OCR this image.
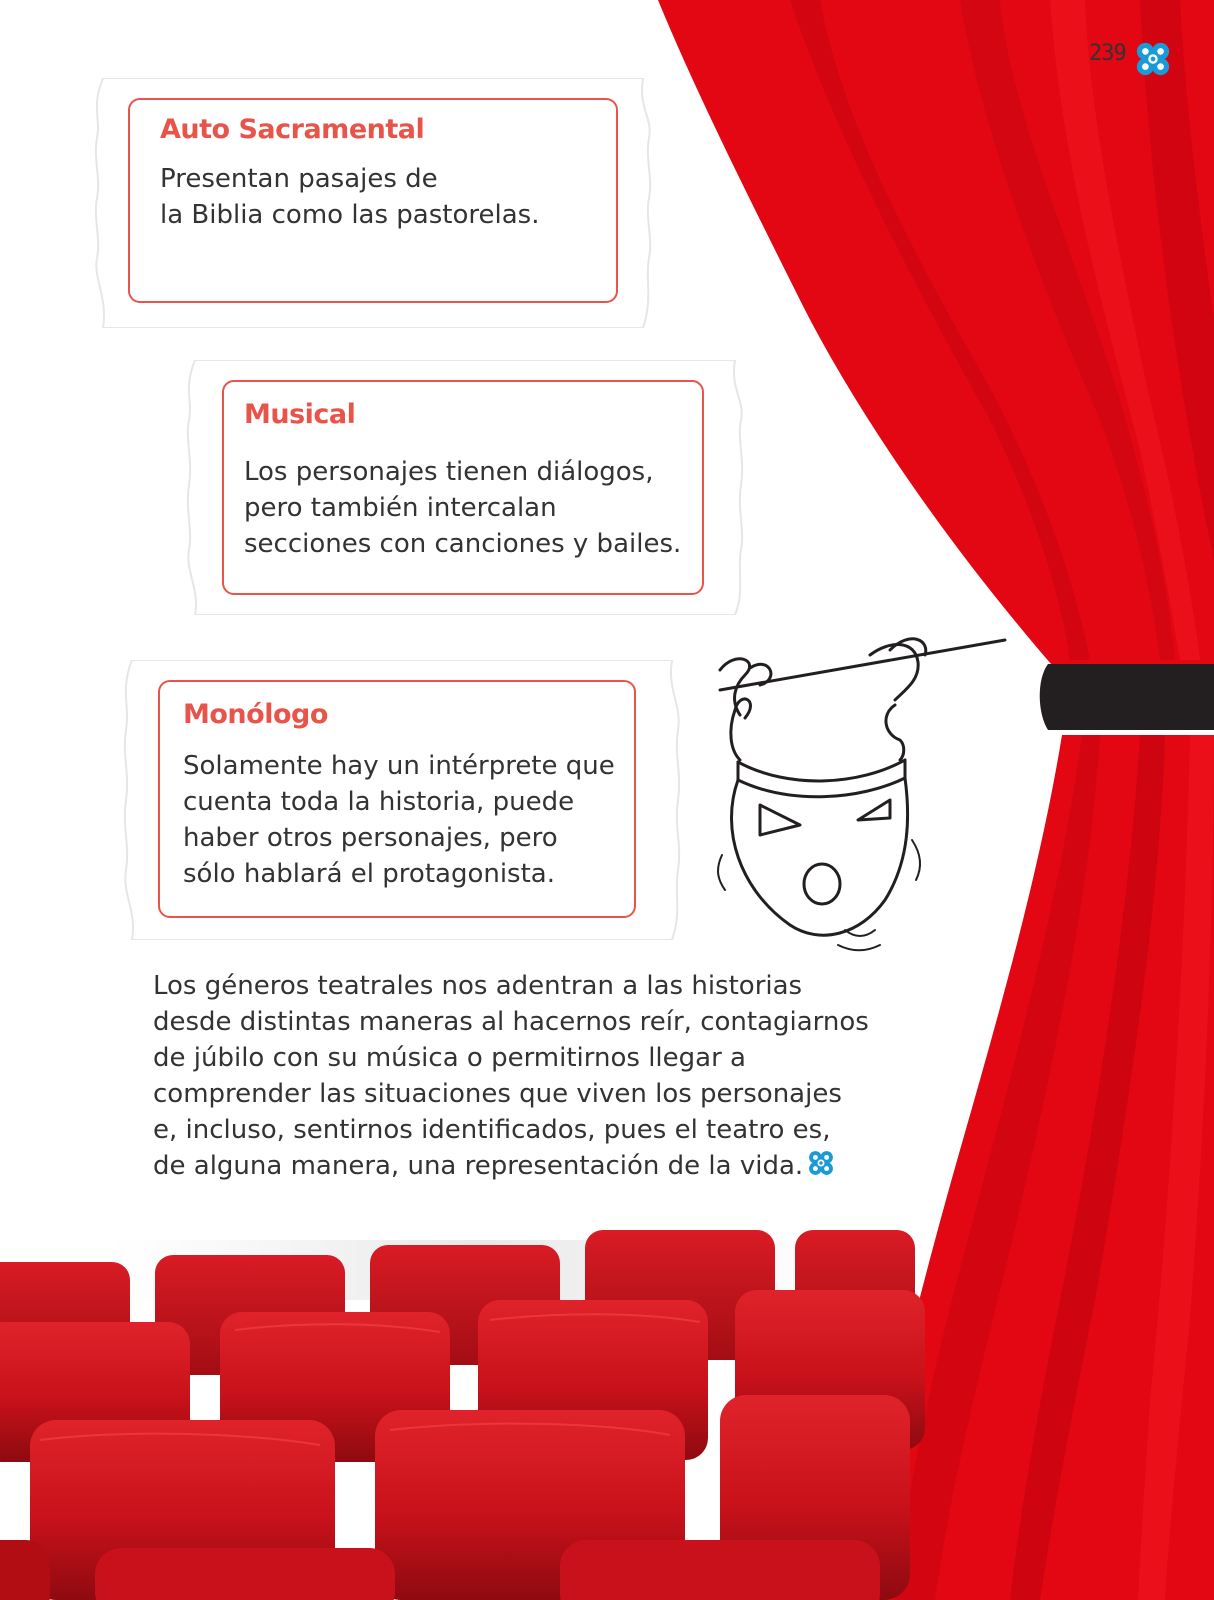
239
Auto Sacramental
Presentan pasajes de
la Biblia como las pastorelas.
Musical
Los personajes tienen diálogos,
pero también intercalan
secciones con canciones y bailes.
Monólogo
Solamente hay un intérprete que
cuenta toda la historia, puede
haber otros personajes, pero
sólo hablará el protagonista.
Los géneros teatrales nos adentran a las historias
desde distintas maneras al hacernos reír, contagiarnos
de júbilo con su música o permitirnos llegar a
comprender las situaciones que viven los personajes
e, incluso, sentirnos identificados, pues el teatro es,
de alguna manera, una representación de la vida.
